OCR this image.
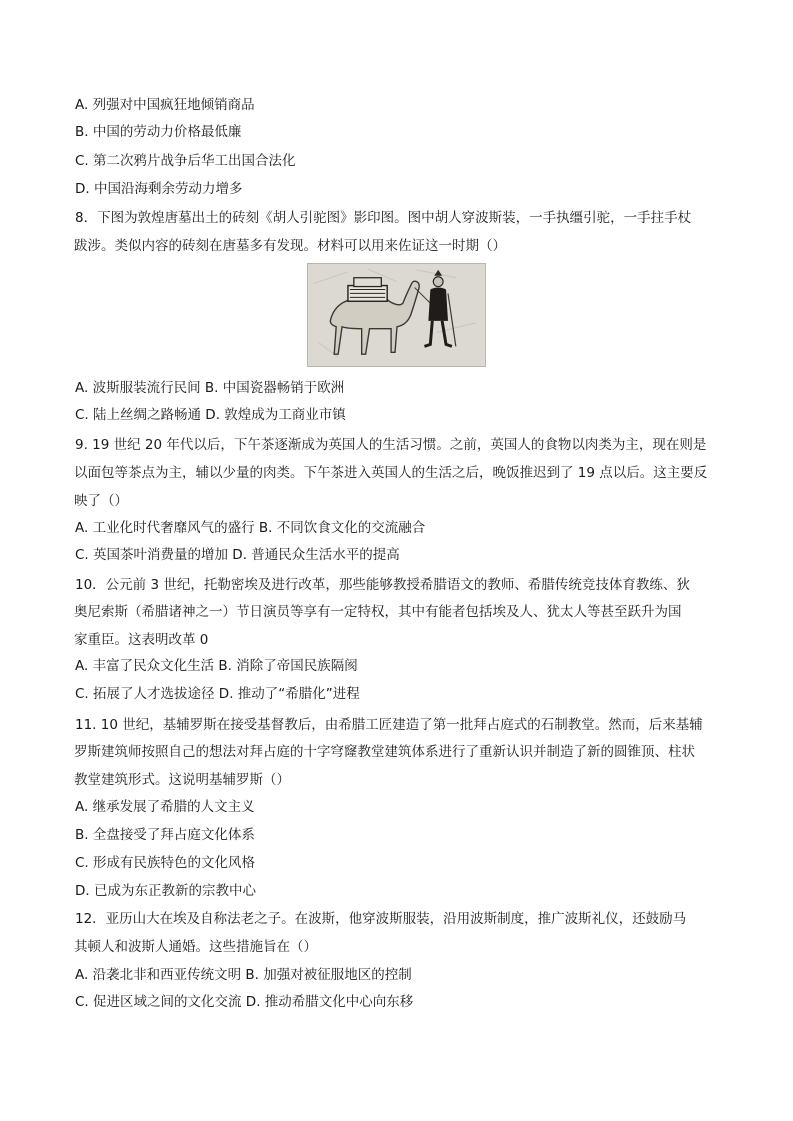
A. 列强对中国疯狂地倾销商品
B. 中国的劳动力价格最低廉
C. 第二次鸦片战争后华工出国合法化
D. 中国沿海剩余劳动力增多
8．下图为敦煌唐墓出土的砖刻《胡人引驼图》影印图。图中胡人穿波斯装，一手执缰引驼，一手拄手杖
跋涉。类似内容的砖刻在唐墓多有发现。材料可以用来佐证这一时期（）
A. 波斯服装流行民间 B. 中国瓷器畅销于欧洲
C. 陆上丝绸之路畅通 D. 敦煌成为工商业市镇
9. 19 世纪 20 年代以后，下午茶逐渐成为英国人的生活习惯。之前，英国人的食物以肉类为主，现在则是
以面包等茶点为主，辅以少量的肉类。下午茶进入英国人的生活之后，晚饭推迟到了 19 点以后。这主要反
映了（）
A. 工业化时代奢靡风气的盛行 B. 不同饮食文化的交流融合
C. 英国茶叶消费量的增加 D. 普通民众生活水平的提高
10．公元前 3 世纪，托勒密埃及进行改革，那些能够教授希腊语文的教师、希腊传统竞技体育教练、狄
奥尼索斯（希腊诸神之一）节日演员等享有一定特权，其中有能者包括埃及人、犹太人等甚至跃升为国
家重臣。这表明改革 0
A. 丰富了民众文化生活 B. 消除了帝国民族隔阂
C. 拓展了人才选拔途径 D. 推动了“希腊化”进程
11. 10 世纪，基辅罗斯在接受基督教后，由希腊工匠建造了第一批拜占庭式的石制教堂。然而，后来基辅
罗斯建筑师按照自己的想法对拜占庭的十字穹窿教堂建筑体系进行了重新认识并制造了新的圆锥顶、柱状
教堂建筑形式。这说明基辅罗斯（）
A. 继承发展了希腊的人文主义
B. 全盘接受了拜占庭文化体系
C. 形成有民族特色的文化风格
D. 已成为东正教新的宗教中心
12．亚历山大在埃及自称法老之子。在波斯，他穿波斯服装，沿用波斯制度，推广波斯礼仪，还鼓励马
其顿人和波斯人通婚。这些措施旨在（）
A. 沿袭北非和西亚传统文明 B. 加强对被征服地区的控制
C. 促进区域之间的文化交流 D. 推动希腊文化中心向东移
